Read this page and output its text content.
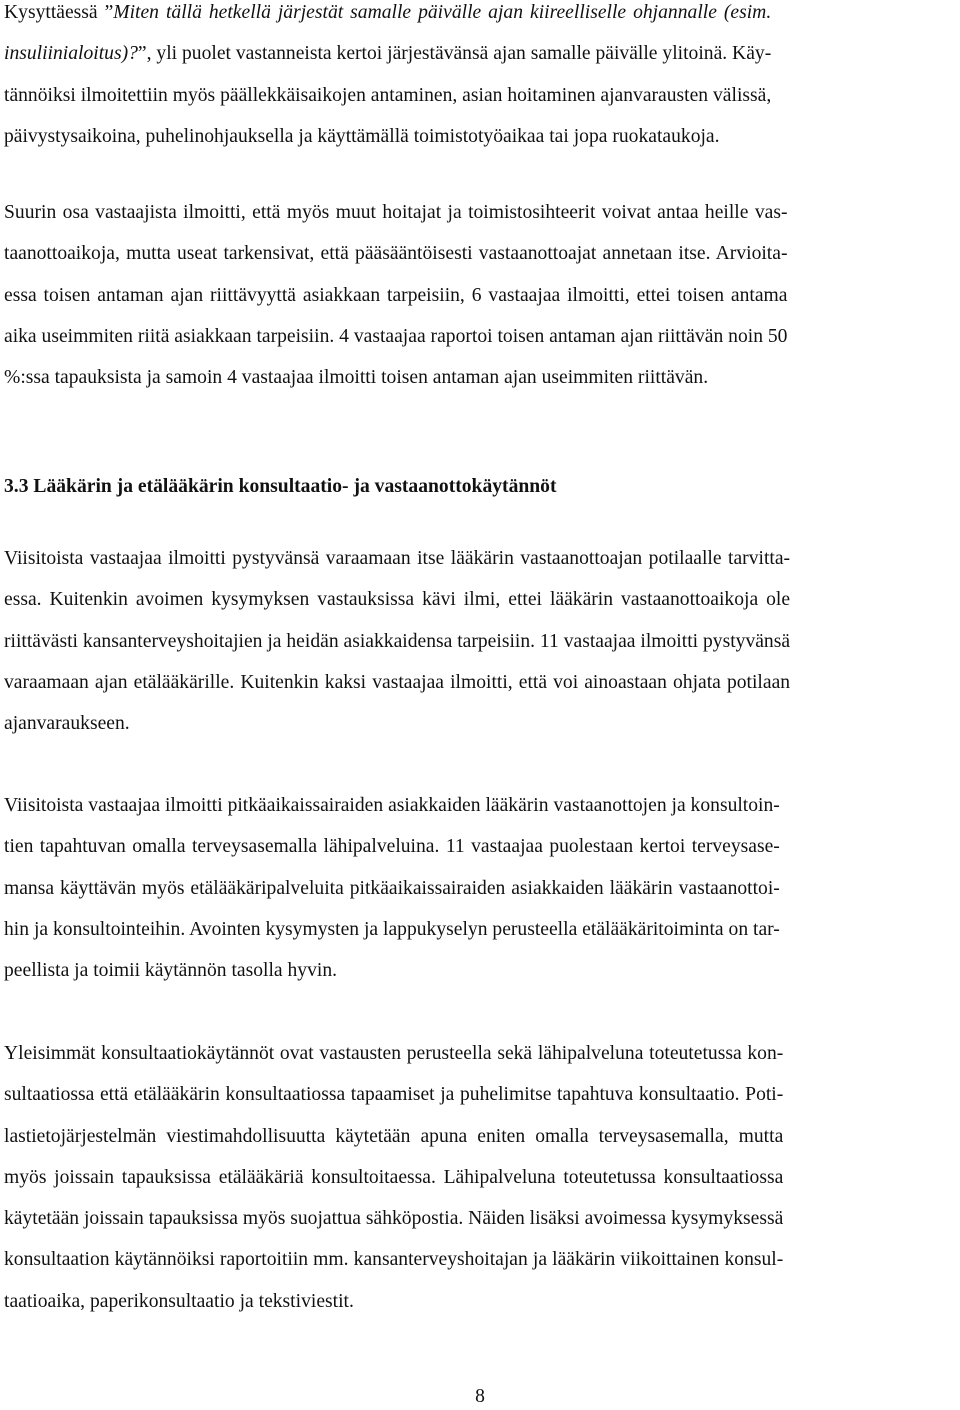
Kysyttäessä ”Miten tällä hetkellä järjestät samalle päivälle ajan kiireelliselle ohjannalle (esim.
insuliinialoitus)?”, yli puolet vastanneista kertoi järjestävänsä ajan samalle päivälle ylitoinä. Käy-
tännöiksi ilmoitettiin myös päällekkäisaikojen antaminen, asian hoitaminen ajanvarausten välissä,
päivystysaikoina, puhelinohjauksella ja käyttämällä toimistotyöaikaa tai jopa ruokataukoja.

Suurin osa vastaajista ilmoitti, että myös muut hoitajat ja toimistosihteerit voivat antaa heille vas-
taanottoaikoja, mutta useat tarkensivat, että pääsääntöisesti vastaanottoajat annetaan itse. Arvioita-
essa toisen antaman ajan riittävyyttä asiakkaan tarpeisiin, 6 vastaajaa ilmoitti, ettei toisen antama
aika useimmiten riitä asiakkaan tarpeisiin. 4 vastaajaa raportoi toisen antaman ajan riittävän noin 50
%:ssa tapauksista ja samoin 4 vastaajaa ilmoitti toisen antaman ajan useimmiten riittävän.

3.3 Lääkärin ja etälääkärin konsultaatio- ja vastaanottokäytännöt

Viisitoista vastaajaa ilmoitti pystyvänsä varaamaan itse lääkärin vastaanottoajan potilaalle tarvitta-
essa. Kuitenkin avoimen kysymyksen vastauksissa kävi ilmi, ettei lääkärin vastaanottoaikoja ole
riittävästi kansanterveyshoitajien ja heidän asiakkaidensa tarpeisiin. 11 vastaajaa ilmoitti pystyvänsä
varaamaan ajan etälääkärille. Kuitenkin kaksi vastaajaa ilmoitti, että voi ainoastaan ohjata potilaan
ajanvaraukseen.

Viisitoista vastaajaa ilmoitti pitkäaikaissairaiden asiakkaiden lääkärin vastaanottojen ja konsultoin-
tien tapahtuvan omalla terveysasemalla lähipalveluina. 11 vastaajaa puolestaan kertoi terveysase-
mansa käyttävän myös etälääkäripalveluita pitkäaikaissairaiden asiakkaiden lääkärin vastaanottoi-
hin ja konsultointeihin. Avointen kysymysten ja lappukyselyn perusteella etälääkäritoiminta on tar-
peellista ja toimii käytännön tasolla hyvin.

Yleisimmät konsultaatiokäytännöt ovat vastausten perusteella sekä lähipalveluna toteutetussa kon-
sultaatiossa että etälääkärin konsultaatiossa tapaamiset ja puhelimitse tapahtuva konsultaatio. Poti-
lastietojärjestelmän viestimahdollisuutta käytetään apuna eniten omalla terveysasemalla, mutta
myös joissain tapauksissa etälääkäriä konsultoitaessa. Lähipalveluna toteutetussa konsultaatiossa
käytetään joissain tapauksissa myös suojattua sähköpostia. Näiden lisäksi avoimessa kysymyksessä
konsultaation käytännöiksi raportoitiin mm. kansanterveyshoitajan ja lääkärin viikoittainen konsul-
taatioaika, paperikonsultaatio ja tekstiviestit.

8
